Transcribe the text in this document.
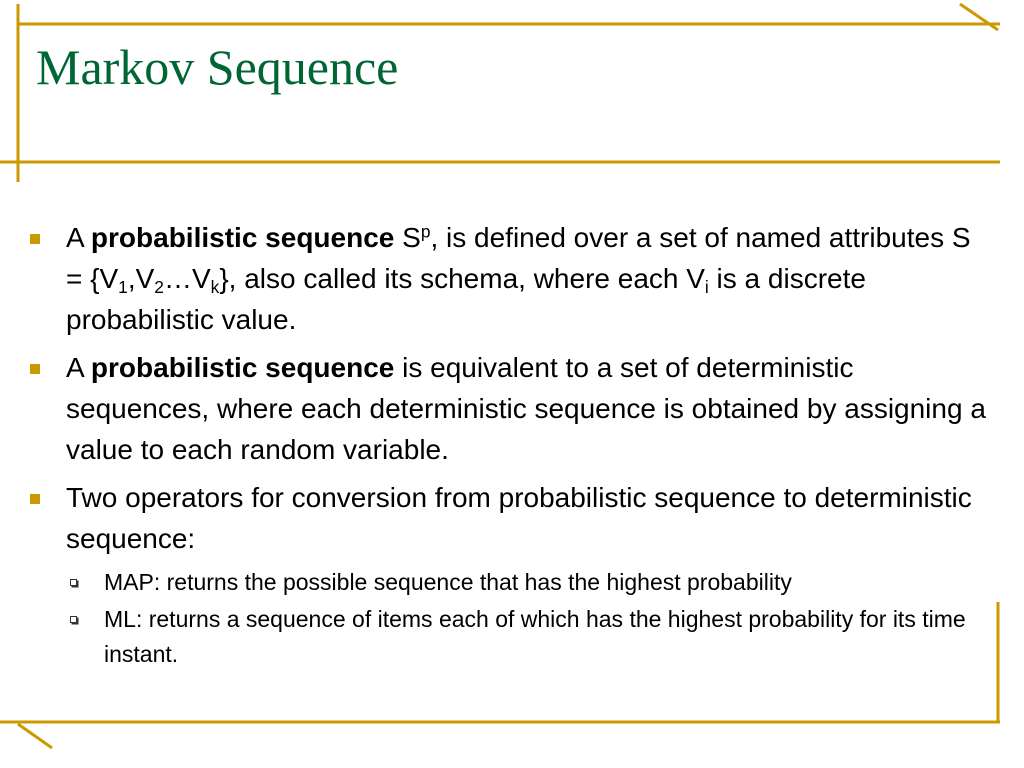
Markov Sequence
A probabilistic sequence $S^p$, is defined over a set of named attributes $S = \{V_1,V_2\dots V_k\}$, also called its schema, where each $V_i$ is a discrete probabilistic value.
A probabilistic sequence is equivalent to a set of deterministic sequences, where each deterministic sequence is obtained by assigning a value to each random variable.
Two operators for conversion from probabilistic sequence to deterministic sequence:
MAP: returns the possible sequence that has the highest probability
ML: returns a sequence of items each of which has the highest probability for its time instant.
